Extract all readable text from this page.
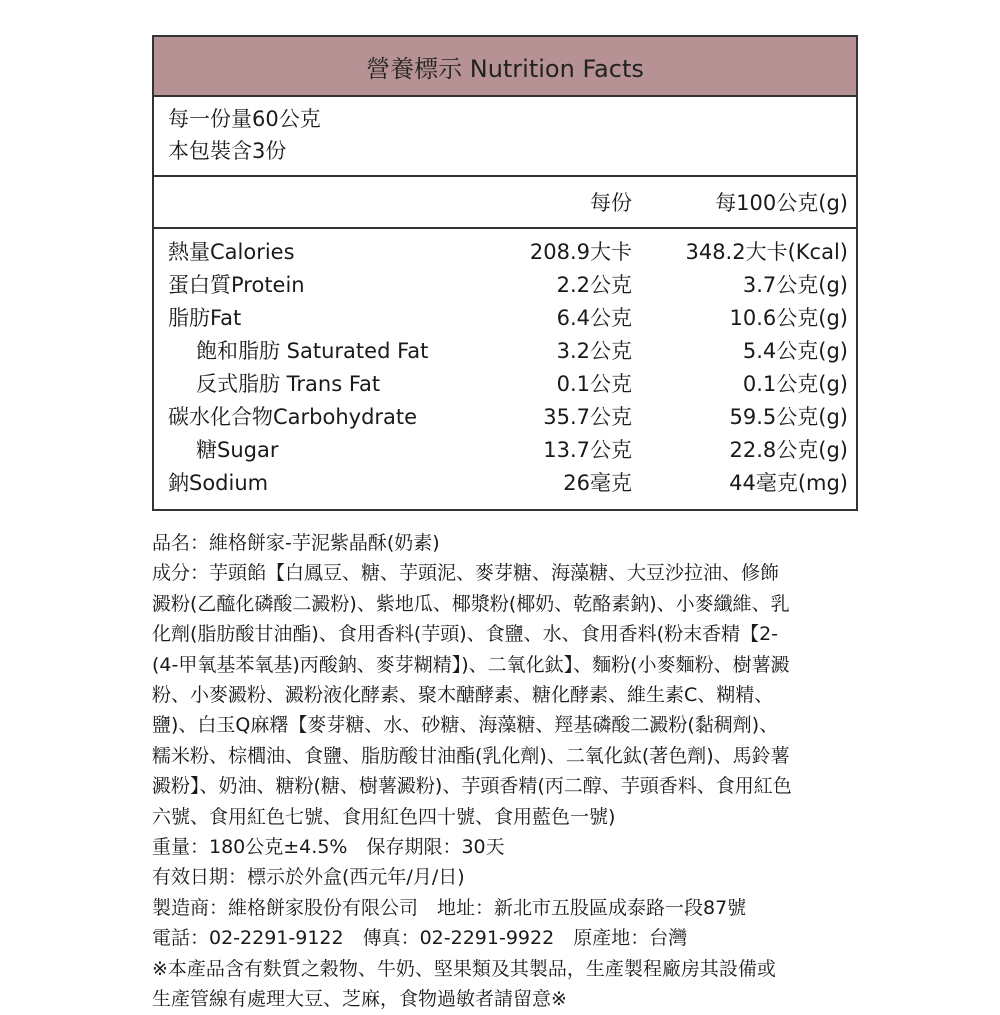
營養標示 Nutrition Facts
每一份量60公克
本包裝含3份
每份	每100公克(g)
熱量Calories	208.9大卡	348.2大卡(Kcal)
蛋白質Protein	2.2公克	3.7公克(g)
脂肪Fat	6.4公克	10.6公克(g)
飽和脂肪 Saturated Fat	3.2公克	5.4公克(g)
反式脂肪 Trans Fat	0.1公克	0.1公克(g)
碳水化合物Carbohydrate	35.7公克	59.5公克(g)
糖Sugar	13.7公克	22.8公克(g)
鈉Sodium	26毫克	44毫克(mg)

品名：維格餅家-芋泥紫晶酥(奶素)

成分：芋頭餡【白鳳豆、糖、芋頭泥、麥芽糖、海藻糖、大豆沙拉油、修飾

澱粉(乙醯化磷酸二澱粉)、紫地瓜、椰漿粉(椰奶、乾酪素鈉)、小麥纖維、乳

化劑(脂肪酸甘油酯)、食用香料(芋頭)、食鹽、水、食用香料(粉末香精【2-

(4-甲氧基苯氧基)丙酸鈉、麥芽糊精】)、二氧化鈦】、麵粉(小麥麵粉、樹薯澱

粉、小麥澱粉、澱粉液化酵素、聚木醣酵素、糖化酵素、維生素C、糊精、

鹽)、白玉Q麻糬【麥芽糖、水、砂糖、海藻糖、羥基磷酸二澱粉(黏稠劑)、

糯米粉、棕櫚油、食鹽、脂肪酸甘油酯(乳化劑)、二氧化鈦(著色劑)、馬鈴薯

澱粉】、奶油、糖粉(糖、樹薯澱粉)、芋頭香精(丙二醇、芋頭香料、食用紅色

六號、食用紅色七號、食用紅色四十號、食用藍色一號)

重量：180公克±4.5%　保存期限：30天

有效日期：標示於外盒(西元年/月/日)

製造商：維格餅家股份有限公司　地址：新北市五股區成泰路一段87號

電話：02-2291-9122　傳真：02-2291-9922　原產地：台灣

※本產品含有麩質之穀物、牛奶、堅果類及其製品，生產製程廠房其設備或

生產管線有處理大豆、芝麻，食物過敏者請留意※
